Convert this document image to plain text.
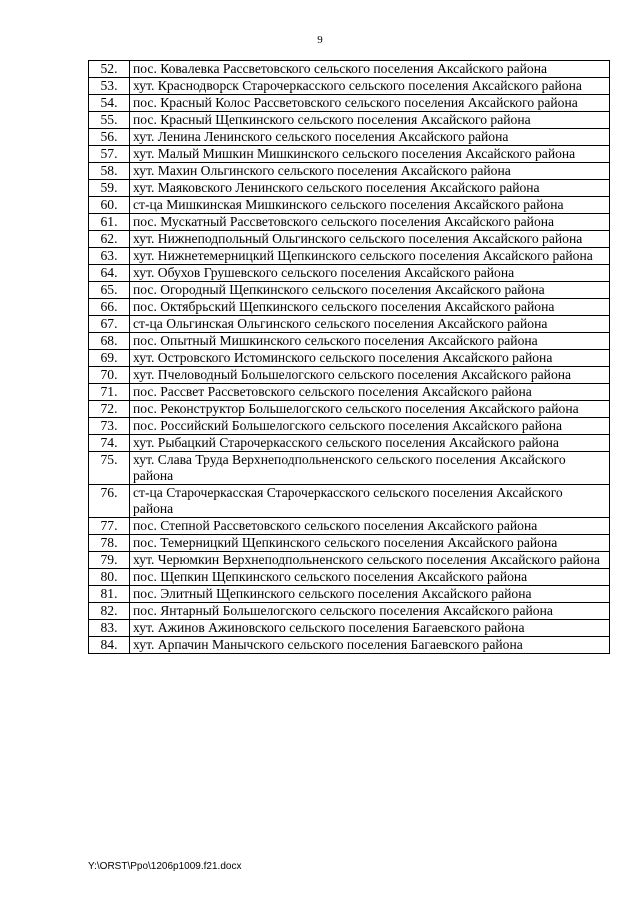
9
52.	пос. Ковалевка Рассветовского сельского поселения Аксайского района
53.	хут. Краснодворск Старочеркасского сельского поселения Аксайского района
54.	пос. Красный Колос Рассветовского сельского поселения Аксайского района
55.	пос. Красный Щепкинского сельского поселения Аксайского района
56.	хут. Ленина Ленинского сельского поселения Аксайского района
57.	хут. Малый Мишкин Мишкинского сельского поселения Аксайского района
58.	хут. Махин Ольгинского сельского поселения Аксайского района
59.	хут. Маяковского Ленинского сельского поселения Аксайского района
60.	ст-ца Мишкинская Мишкинского сельского поселения Аксайского района
61.	пос. Мускатный Рассветовского сельского поселения Аксайского района
62.	хут. Нижнеподпольный Ольгинского сельского поселения Аксайского района
63.	хут. Нижнетемерницкий Щепкинского сельского поселения Аксайского района
64.	хут. Обухов Грушевского сельского поселения Аксайского района
65.	пос. Огородный Щепкинского сельского поселения Аксайского района
66.	пос. Октябрьский Щепкинского сельского поселения Аксайского района
67.	ст-ца Ольгинская Ольгинского сельского поселения Аксайского района
68.	пос. Опытный Мишкинского сельского поселения Аксайского района
69.	хут. Островского Истоминского сельского поселения Аксайского района
70.	хут. Пчеловодный Большелогского сельского поселения Аксайского района
71.	пос. Рассвет Рассветовского сельского поселения Аксайского района
72.	пос. Реконструктор Большелогского сельского поселения Аксайского района
73.	пос. Российский Большелогского сельского поселения Аксайского района
74.	хут. Рыбацкий Старочеркасского сельского поселения Аксайского района
75.	хут. Слава Труда Верхнеподпольненского сельского поселения Аксайского района
76.	ст-ца Старочеркасская Старочеркасского сельского поселения Аксайского района
77.	пос. Степной Рассветовского сельского поселения Аксайского района
78.	пос. Темерницкий Щепкинского сельского поселения Аксайского района
79.	хут. Черюмкин Верхнеподпольненского сельского поселения Аксайского района
80.	пос. Щепкин Щепкинского сельского поселения Аксайского района
81.	пос. Элитный Щепкинского сельского поселения Аксайского района
82.	пос. Янтарный Большелогского сельского поселения Аксайского района
83.	хут. Ажинов Ажиновского сельского поселения Багаевского района
84.	хут. Арпачин Манычского сельского поселения Багаевского района
Y:\ORST\Ppo\1206p1009.f21.docx
